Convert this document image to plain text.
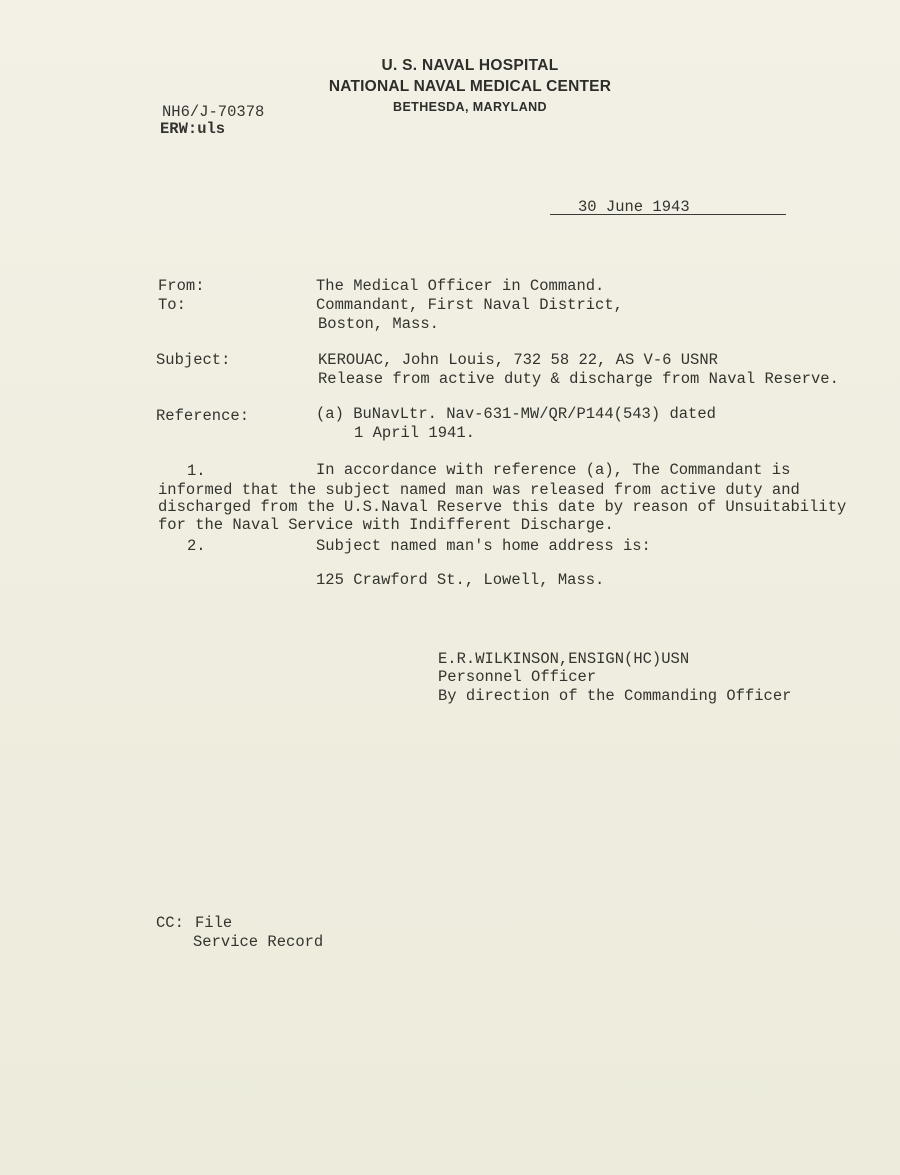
U. S. NAVAL HOSPITAL
NATIONAL NAVAL MEDICAL CENTER
BETHESDA, MARYLAND
NH6/J-70378
ERW:uls
30 June 1943
From:	The Medical Officer in Command.
To:	Commandant, First Naval District,
Boston, Mass.
Subject:	KEROUAC, John Louis, 732 58 22, AS V-6 USNR
Release from active duty & discharge from Naval Reserve.
Reference:	(a) BuNavLtr. Nav-631-MW/QR/P144(543) dated
1 April 1941.
1.	In accordance with reference (a), The Commandant is
informed that the subject named man was released from active duty and
discharged from the U.S.Naval Reserve this date by reason of Unsuitability
for the Naval Service with Indifferent Discharge.
2.	Subject named man's home address is:
125 Crawford St., Lowell, Mass.
E.R.WILKINSON,ENSIGN(HC)USN
Personnel Officer
By direction of the Commanding Officer
CC: File
Service Record
